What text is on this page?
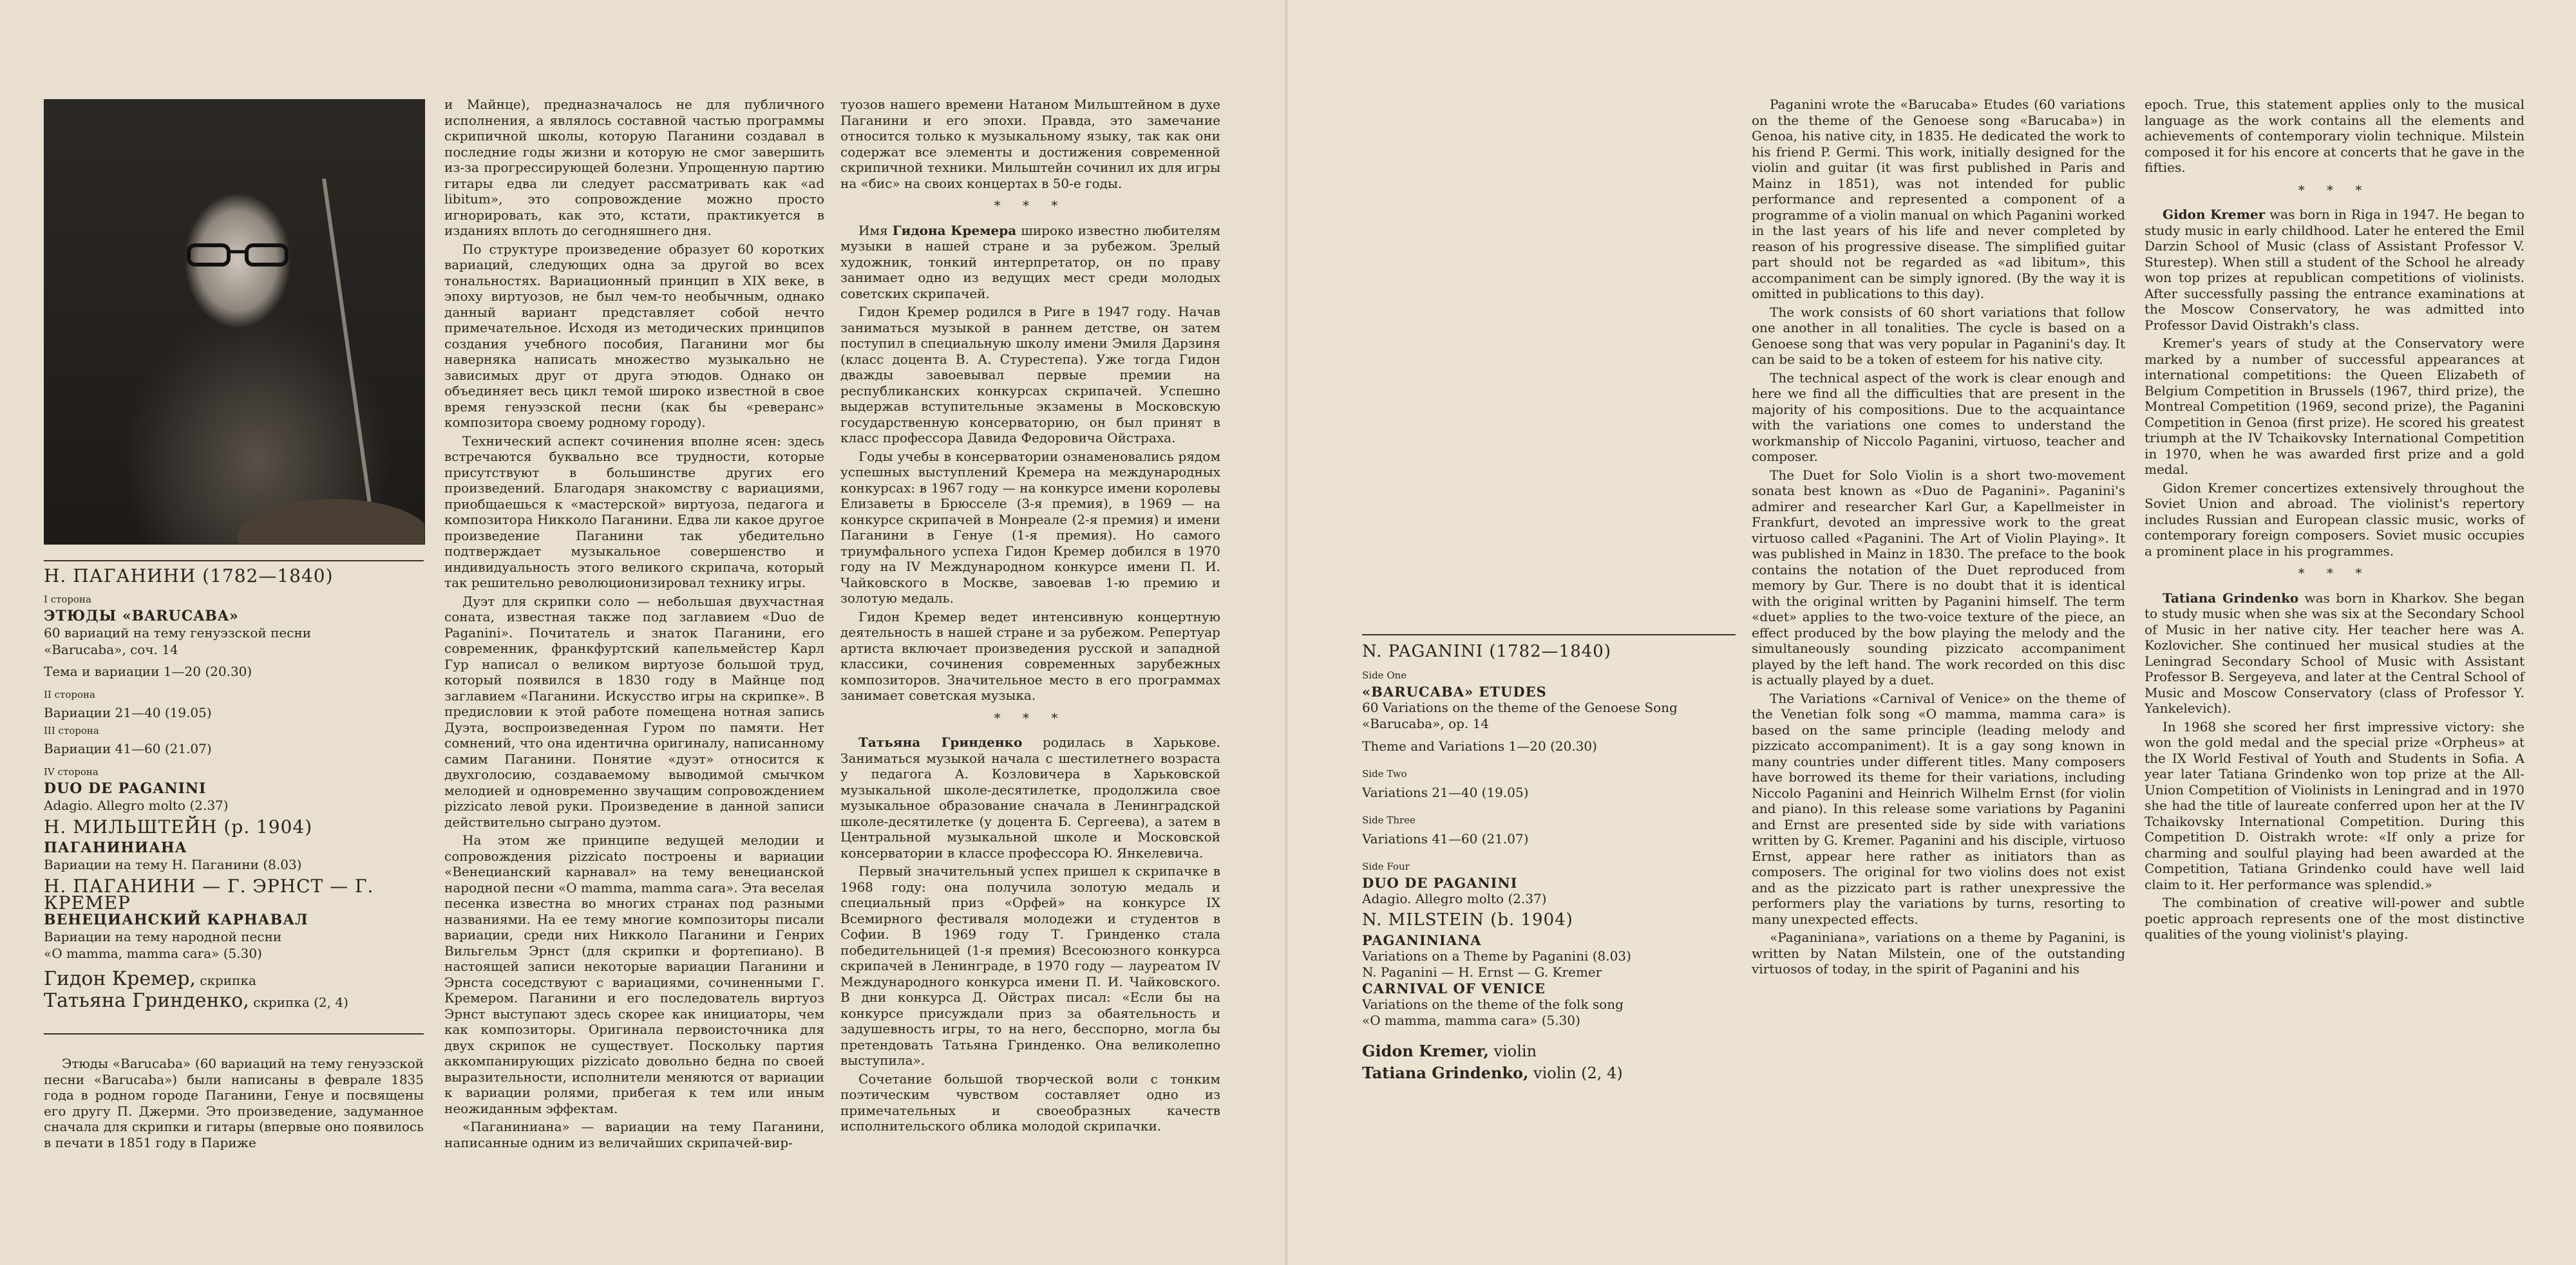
Н. ПАГАНИНИ (1782—1840)
I сторона
ЭТЮДЫ «BARUCABA»
60 вариаций на тему генуэзской песни
«Barucaba», соч. 14
Тема и вариации 1—20 (20.30)
II сторона
Вариации 21—40 (19.05)
III сторона
Вариации 41—60 (21.07)
IV сторона
DUO DE PAGANINI
Adagio. Allegro molto (2.37)
Н. МИЛЬШТЕЙН (р. 1904)
ПАГАНИНИАНА
Вариации на тему Н. Паганини (8.03)
Н. ПАГАНИНИ — Г. ЭРНСТ — Г. КРЕМЕР
ВЕНЕЦИАНСКИЙ КАРНАВАЛ
Вариации на тему народной песни
«О mamma, mamma cara» (5.30)
Гидон Кремер, скрипка
Татьяна Гринденко, скрипка (2, 4)

Этюды «Barucaba» (60 вариаций на тему генуэзской песни «Barucaba») были написаны в феврале 1835 года в родном городе Паганини, Генуе и посвящены его другу П. Джерми. Это произведение, задуманное сначала для скрипки и гитары (впервые оно появилось в печати в 1851 году в Париже

и Майнце), предназначалось не для публичного исполнения, а являлось составной частью программы скрипичной школы, которую Паганини создавал в последние годы жизни и которую не смог завершить из-за прогрессирующей болезни. Упрощенную партию гитары едва ли следует рассматривать как «ad libitum», это сопровождение можно просто игнорировать, как это, кстати, практикуется в изданиях вплоть до сегодняшнего дня.

По структуре произведение образует 60 коротких вариаций, следующих одна за другой во всех тональностях. Вариационный принцип в XIX веке, в эпоху виртуозов, не был чем-то необычным, однако данный вариант представляет собой нечто примечательное. Исходя из методических принципов создания учебного пособия, Паганини мог бы наверняка написать множество музыкально не зависимых друг от друга этюдов. Однако он объединяет весь цикл темой широко известной в свое время генуэзской песни (как бы «реверанс» композитора своему родному городу).

Технический аспект сочинения вполне ясен: здесь встречаются буквально все трудности, которые присутствуют в большинстве других его произведений. Благодаря знакомству с вариациями, приобщаешься к «мастерской» виртуоза, педагога и композитора Никколо Паганини. Едва ли какое другое произведение Паганини так убедительно подтверждает музыкальное совершенство и индивидуальность этого великого скрипача, который так решительно революционизировал технику игры.

Дуэт для скрипки соло — небольшая двухчастная соната, известная также под заглавием «Duo de Paganini». Почитатель и знаток Паганини, его современник, франкфуртский капельмейстер Карл Гур написал о великом виртуозе большой труд, который появился в 1830 году в Майнце под заглавием «Паганини. Искусство игры на скрипке». В предисловии к этой работе помещена нотная запись Дуэта, воспроизведенная Гуром по памяти. Нет сомнений, что она идентична оригиналу, написанному самим Паганини. Понятие «дуэт» относится к двухголосию, создаваемому выводимой смычком мелодией и одновременно звучащим сопровождением pizzicato левой руки. Произведение в данной записи действительно сыграно дуэтом.

На этом же принципе ведущей мелодии и сопровождения pizzicato построены и вариации «Венецианский карнавал» на тему венецианской народной песни «О mamma, mamma cara». Эта веселая песенка известна во многих странах под разными названиями. На ее тему многие композиторы писали вариации, среди них Никколо Паганини и Генрих Вильгельм Эрнст (для скрипки и фортепиано). В настоящей записи некоторые вариации Паганини и Эрнста соседствуют с вариациями, сочиненными Г. Кремером. Паганини и его последователь виртуоз Эрнст выступают здесь скорее как инициаторы, чем как композиторы. Оригинала первоисточника для двух скрипок не существует. Поскольку партия аккомпанирующих pizzicato довольно бедна по своей выразительности, исполнители меняются от вариации к вариации ролями, прибегая к тем или иным неожиданным эффектам.

«Паганиниана» — вариации на тему Паганини, написанные одним из величайших скрипачей-вир-

туозов нашего времени Натаном Мильштейном в духе Паганини и его эпохи. Правда, это замечание относится только к музыкальному языку, так как они содержат все элементы и достижения современной скрипичной техники. Мильштейн сочинил их для игры на «бис» на своих концертах в 50-е годы.

* * *

Имя Гидона Кремера широко известно любителям музыки в нашей стране и за рубежом. Зрелый художник, тонкий интерпретатор, он по праву занимает одно из ведущих мест среди молодых советских скрипачей.

Гидон Кремер родился в Риге в 1947 году. Начав заниматься музыкой в раннем детстве, он затем поступил в специальную школу имени Эмиля Дарзиня (класс доцента В. А. Стурестепа). Уже тогда Гидон дважды завоевывал первые премии на республиканских конкурсах скрипачей. Успешно выдержав вступительные экзамены в Московскую государственную консерваторию, он был принят в класс профессора Давида Федоровича Ойстраха.

Годы учебы в консерватории ознаменовались рядом успешных выступлений Кремера на международных конкурсах: в 1967 году — на конкурсе имени королевы Елизаветы в Брюсселе (3-я премия), в 1969 — на конкурсе скрипачей в Монреале (2-я премия) и имени Паганини в Генуе (1-я премия). Но самого триумфального успеха Гидон Кремер добился в 1970 году на IV Международном конкурсе имени П. И. Чайковского в Москве, завоевав 1-ю премию и золотую медаль.

Гидон Кремер ведет интенсивную концертную деятельность в нашей стране и за рубежом. Репертуар артиста включает произведения русской и западной классики, сочинения современных зарубежных композиторов. Значительное место в его программах занимает советская музыка.

* * *

Татьяна Гринденко родилась в Харькове. Заниматься музыкой начала с шестилетнего возраста у педагога А. Козловичера в Харьковской музыкальной школе-десятилетке, продолжила свое музыкальное образование сначала в Ленинградской школе-десятилетке (у доцента Б. Сергеева), а затем в Центральной музыкальной школе и Московской консерватории в классе профессора Ю. Янкелевича.

Первый значительный успех пришел к скрипачке в 1968 году: она получила золотую медаль и специальный приз «Орфей» на конкурсе IX Всемирного фестиваля молодежи и студентов в Софии. В 1969 году Т. Гринденко стала победительницей (1-я премия) Всесоюзного конкурса скрипачей в Ленинграде, в 1970 году — лауреатом IV Международного конкурса имени П. И. Чайковского. В дни конкурса Д. Ойстрах писал: «Если бы на конкурсе присуждали приз за обаятельность и задушевность игры, то на него, бесспорно, могла бы претендовать Татьяна Гринденко. Она великолепно выступила».

Сочетание большой творческой воли с тонким поэтическим чувством составляет одно из примечательных и своеобразных качеств исполнительского облика молодой скрипачки.

N. PAGANINI (1782—1840)
Side One
«BARUCABA» ETUDES
60 Variations on the theme of the Genoese Song
«Barucaba», op. 14
Theme and Variations 1—20 (20.30)
Side Two
Variations 21—40 (19.05)
Side Three
Variations 41—60 (21.07)
Side Four
DUO DE PAGANINI
Adagio. Allegro molto (2.37)
N. MILSTEIN (b. 1904)
PAGANINIANA
Variations on a Theme by Paganini (8.03)
N. Paganini — H. Ernst — G. Kremer
CARNIVAL OF VENICE
Variations on the theme of the folk song
«O mamma, mamma cara» (5.30)
Gidon Kremer, violin
Tatiana Grindenko, violin (2, 4)

Paganini wrote the «Barucaba» Etudes (60 variations on the theme of the Genoese song «Barucaba») in Genoa, his native city, in 1835. He dedicated the work to his friend P. Germi. This work, initially designed for the violin and guitar (it was first published in Paris and Mainz in 1851), was not intended for public performance and represented a component of a programme of a violin manual on which Paganini worked in the last years of his life and never completed by reason of his progressive disease. The simplified guitar part should not be regarded as «ad libitum», this accompaniment can be simply ignored. (By the way it is omitted in publications to this day).

The work consists of 60 short variations that follow one another in all tonalities. The cycle is based on a Genoese song that was very popular in Paganini's day. It can be said to be a token of esteem for his native city.

The technical aspect of the work is clear enough and here we find all the difficulties that are present in the majority of his compositions. Due to the acquaintance with the variations one comes to understand the workmanship of Niccolo Paganini, virtuoso, teacher and composer.

The Duet for Solo Violin is a short two-movement sonata best known as «Duo de Paganini». Paganini's admirer and researcher Karl Gur, a Kapellmeister in Frankfurt, devoted an impressive work to the great virtuoso called «Paganini. The Art of Violin Playing». It was published in Mainz in 1830. The preface to the book contains the notation of the Duet reproduced from memory by Gur. There is no doubt that it is identical with the original written by Paganini himself. The term «duet» applies to the two-voice texture of the piece, an effect produced by the bow playing the melody and the simultaneously sounding pizzicato accompaniment played by the left hand. The work recorded on this disc is actually played by a duet.

The Variations «Carnival of Venice» on the theme of the Venetian folk song «O mamma, mamma cara» is based on the same principle (leading melody and pizzicato accompaniment). It is a gay song known in many countries under different titles. Many composers have borrowed its theme for their variations, including Niccolo Paganini and Heinrich Wilhelm Ernst (for violin and piano). In this release some variations by Paganini and Ernst are presented side by side with variations written by G. Kremer. Paganini and his disciple, virtuoso Ernst, appear here rather as initiators than as composers. The original for two violins does not exist and as the pizzicato part is rather unexpressive the performers play the variations by turns, resorting to many unexpected effects.

«Paganiniana», variations on a theme by Paganini, is written by Natan Milstein, one of the outstanding virtuosos of today, in the spirit of Paganini and his

epoch. True, this statement applies only to the musical language as the work contains all the elements and achievements of contemporary violin technique. Milstein composed it for his encore at concerts that he gave in the fifties.

* * *

Gidon Kremer was born in Riga in 1947. He began to study music in early childhood. Later he entered the Emil Darzin School of Music (class of Assistant Professor V. Sturestep). When still a student of the School he already won top prizes at republican competitions of violinists. After successfully passing the entrance examinations at the Moscow Conservatory, he was admitted into Professor David Oistrakh's class.

Kremer's years of study at the Conservatory were marked by a number of successful appearances at international competitions: the Queen Elizabeth of Belgium Competition in Brussels (1967, third prize), the Montreal Competition (1969, second prize), the Paganini Competition in Genoa (first prize). He scored his greatest triumph at the IV Tchaikovsky International Competition in 1970, when he was awarded first prize and a gold medal.

Gidon Kremer concertizes extensively throughout the Soviet Union and abroad. The violinist's repertory includes Russian and European classic music, works of contemporary foreign composers. Soviet music occupies a prominent place in his programmes.

* * *

Tatiana Grindenko was born in Kharkov. She began to study music when she was six at the Secondary School of Music in her native city. Her teacher here was A. Kozlovicher. She continued her musical studies at the Leningrad Secondary School of Music with Assistant Professor B. Sergeyeva, and later at the Central School of Music and Moscow Conservatory (class of Professor Y. Yankelevich).

In 1968 she scored her first impressive victory: she won the gold medal and the special prize «Orpheus» at the IX World Festival of Youth and Students in Sofia. A year later Tatiana Grindenko won top prize at the All-Union Competition of Violinists in Leningrad and in 1970 she had the title of laureate conferred upon her at the IV Tchaikovsky International Competition. During this Competition D. Oistrakh wrote: «If only a prize for charming and soulful playing had been awarded at the Competition, Tatiana Grindenko could have well laid claim to it. Her performance was splendid.»

The combination of creative will-power and subtle poetic approach represents one of the most distinctive qualities of the young violinist's playing.
